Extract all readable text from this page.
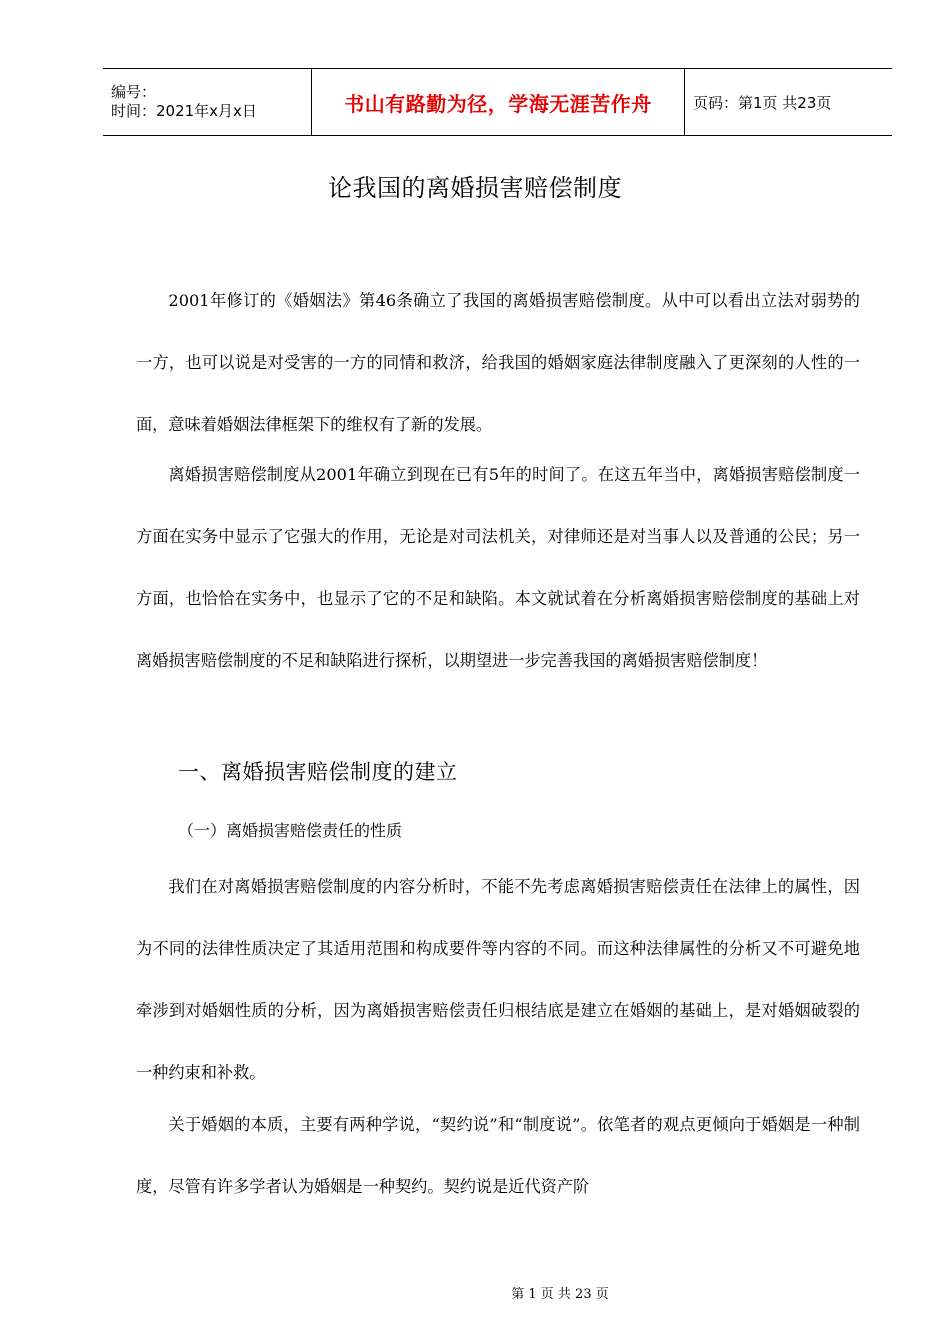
编号：
时间：2021年x月x日	书山有路勤为径，学海无涯苦作舟	页码：第1页 共23页
论我国的离婚损害赔偿制度

2001年修订的《婚姻法》第46条确立了我国的离婚损害赔偿制度。从中可以看出立法对弱势的一方，也可以说是对受害的一方的同情和救济，给我国的婚姻家庭法律制度融入了更深刻的人性的一面，意味着婚姻法律框架下的维权有了新的发展。

离婚损害赔偿制度从2001年确立到现在已有5年的时间了。在这五年当中，离婚损害赔偿制度一方面在实务中显示了它强大的作用，无论是对司法机关，对律师还是对当事人以及普通的公民；另一方面，也恰恰在实务中，也显示了它的不足和缺陷。本文就试着在分析离婚损害赔偿制度的基础上对离婚损害赔偿制度的不足和缺陷进行探析，以期望进一步完善我国的离婚损害赔偿制度！

一、离婚损害赔偿制度的建立
（一）离婚损害赔偿责任的性质

我们在对离婚损害赔偿制度的内容分析时，不能不先考虑离婚损害赔偿责任在法律上的属性，因为不同的法律性质决定了其适用范围和构成要件等内容的不同。而这种法律属性的分析又不可避免地牵涉到对婚姻性质的分析，因为离婚损害赔偿责任归根结底是建立在婚姻的基础上，是对婚姻破裂的一种约束和补救。

关于婚姻的本质，主要有两种学说，“契约说”和“制度说”。依笔者的观点更倾向于婚姻是一种制度，尽管有许多学者认为婚姻是一种契约。契约说是近代资产阶

第 1 页 共 23 页
